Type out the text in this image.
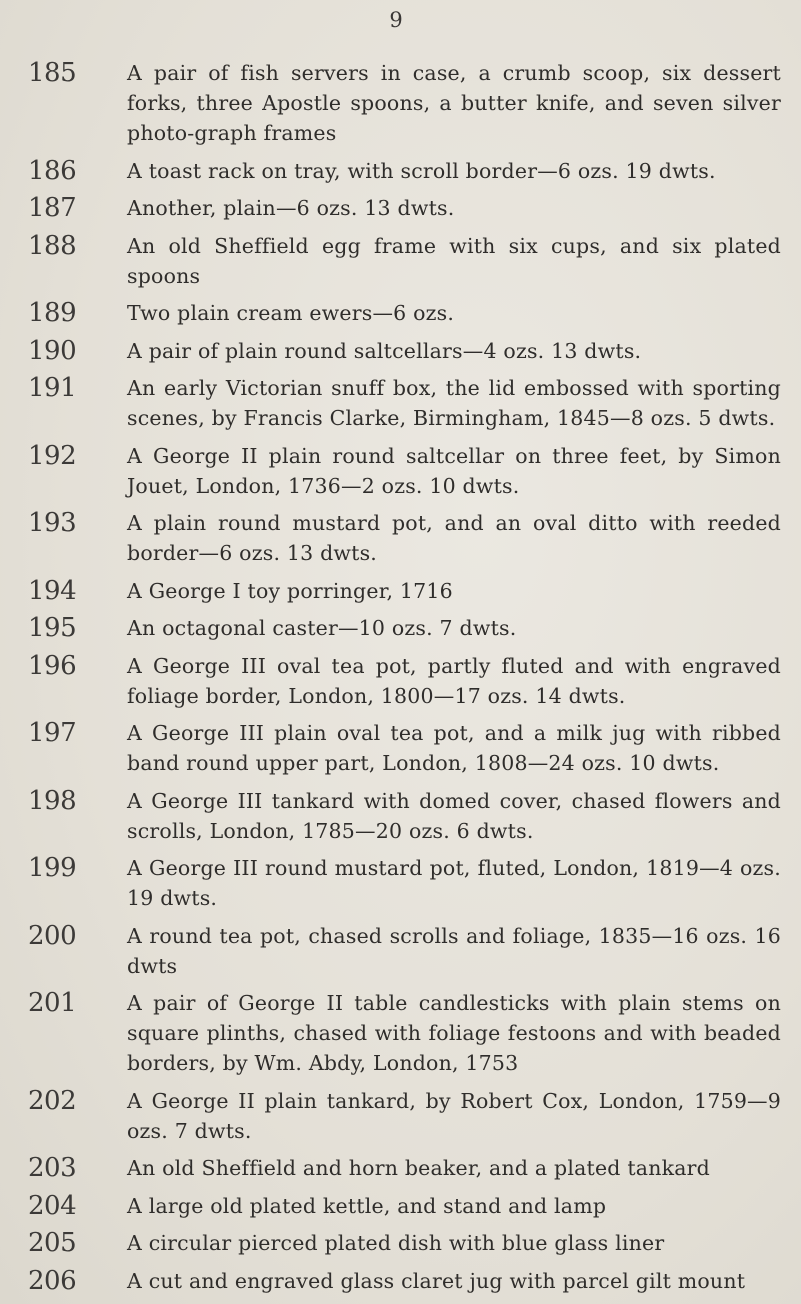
9
185	A pair of fish servers in case, a crumb scoop, six dessert forks, three Apostle spoons, a butter knife, and seven silver photo-graph frames
186	A toast rack on tray, with scroll border—6 ozs. 19 dwts.
187	Another, plain—6 ozs. 13 dwts.
188	An old Sheffield egg frame with six cups, and six plated spoons
189	Two plain cream ewers—6 ozs.
190	A pair of plain round saltcellars—4 ozs. 13 dwts.
191	An early Victorian snuff box, the lid embossed with sporting scenes, by Francis Clarke, Birmingham, 1845—8 ozs. 5 dwts.
192	A George II plain round saltcellar on three feet, by Simon Jouet, London, 1736—2 ozs. 10 dwts.
193	A plain round mustard pot, and an oval ditto with reeded border—6 ozs. 13 dwts.
194	A George I toy porringer, 1716
195	An octagonal caster—10 ozs. 7 dwts.
196	A George III oval tea pot, partly fluted and with engraved foliage border, London, 1800—17 ozs. 14 dwts.
197	A George III plain oval tea pot, and a milk jug with ribbed band round upper part, London, 1808—24 ozs. 10 dwts.
198	A George III tankard with domed cover, chased flowers and scrolls, London, 1785—20 ozs. 6 dwts.
199	A George III round mustard pot, fluted, London, 1819—4 ozs. 19 dwts.
200	A round tea pot, chased scrolls and foliage, 1835—16 ozs. 16 dwts
201	A pair of George II table candlesticks with plain stems on square plinths, chased with foliage festoons and with beaded borders, by Wm. Abdy, London, 1753
202	A George II plain tankard, by Robert Cox, London, 1759—9 ozs. 7 dwts.
203	An old Sheffield and horn beaker, and a plated tankard
204	A large old plated kettle, and stand and lamp
205	A circular pierced plated dish with blue glass liner
206	A cut and engraved glass claret jug with parcel gilt mount
